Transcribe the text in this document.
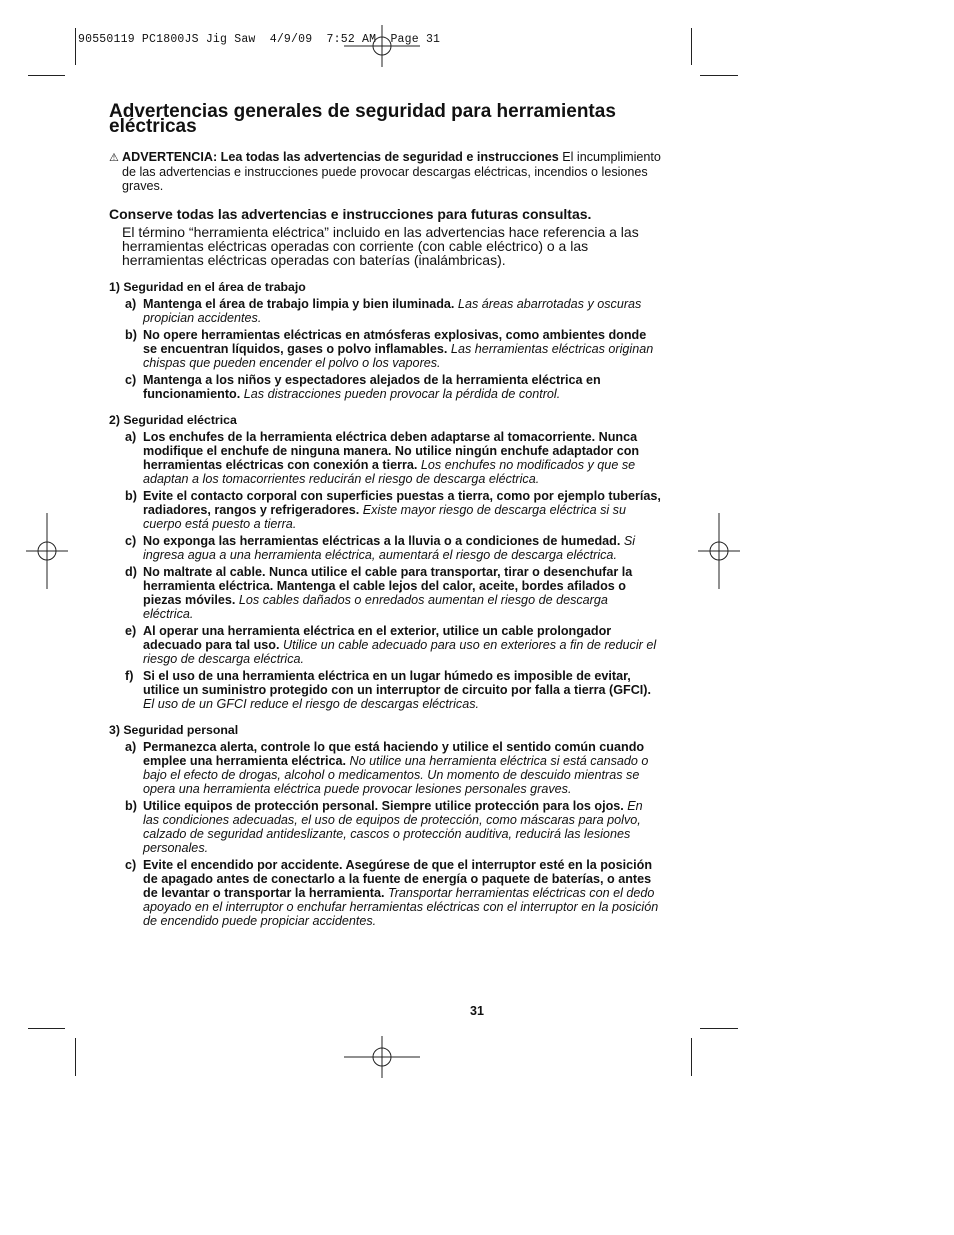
90550119 PC1800JS Jig Saw  4/9/09  7:52 AM  Page 31
Advertencias generales de seguridad para herramientas eléctricas
⚠ ADVERTENCIA: Lea todas las advertencias de seguridad e instrucciones El incumplimiento de las advertencias e instrucciones puede provocar descargas eléctricas, incendios o lesiones graves.
Conserve todas las advertencias e instrucciones para futuras consultas.
El término “herramienta eléctrica” incluido en las advertencias hace referencia a las herramientas eléctricas operadas con corriente (con cable eléctrico) o a las herramientas eléctricas operadas con baterías (inalámbricas).
1) Seguridad en el área de trabajo
a) Mantenga el área de trabajo limpia y bien iluminada. Las áreas abarrotadas y oscuras propician accidentes.
b) No opere herramientas eléctricas en atmósferas explosivas, como ambientes donde se encuentran líquidos, gases o polvo inflamables. Las herramientas eléctricas originan chispas que pueden encender el polvo o los vapores.
c) Mantenga a los niños y espectadores alejados de la herramienta eléctrica en funcionamiento. Las distracciones pueden provocar la pérdida de control.
2) Seguridad eléctrica
a) Los enchufes de la herramienta eléctrica deben adaptarse al tomacorriente. Nunca modifique el enchufe de ninguna manera. No utilice ningún enchufe adaptador con herramientas eléctricas con conexión a tierra. Los enchufes no modificados y que se adaptan a los tomacorrientes reducirán el riesgo de descarga eléctrica.
b) Evite el contacto corporal con superficies puestas a tierra, como por ejemplo tuberías, radiadores, rangos y refrigeradores. Existe mayor riesgo de descarga eléctrica si su cuerpo está puesto a tierra.
c) No exponga las herramientas eléctricas a la lluvia o a condiciones de humedad. Si ingresa agua a una herramienta eléctrica, aumentará el riesgo de descarga eléctrica.
d) No maltrate al cable. Nunca utilice el cable para transportar, tirar o desenchufar la herramienta eléctrica. Mantenga el cable lejos del calor, aceite, bordes afilados o piezas móviles. Los cables dañados o enredados aumentan el riesgo de descarga eléctrica.
e) Al operar una herramienta eléctrica en el exterior, utilice un cable prolongador adecuado para tal uso. Utilice un cable adecuado para uso en exteriores a fin de reducir el riesgo de descarga eléctrica.
f) Si el uso de una herramienta eléctrica en un lugar húmedo es imposible de evitar, utilice un suministro protegido con un interruptor de circuito por falla a tierra (GFCI). El uso de un GFCI reduce el riesgo de descargas eléctricas.
3) Seguridad personal
a) Permanezca alerta, controle lo que está haciendo y utilice el sentido común cuando emplee una herramienta eléctrica. No utilice una herramienta eléctrica si está cansado o bajo el efecto de drogas, alcohol o medicamentos. Un momento de descuido mientras se opera una herramienta eléctrica puede provocar lesiones personales graves.
b) Utilice equipos de protección personal. Siempre utilice protección para los ojos. En las condiciones adecuadas, el uso de equipos de protección, como máscaras para polvo, calzado de seguridad antideslizante, cascos o protección auditiva, reducirá las lesiones personales.
c) Evite el encendido por accidente. Asegúrese de que el interruptor esté en la posición de apagado antes de conectarlo a la fuente de energía o paquete de baterías, o antes de levantar o transportar la herramienta. Transportar herramientas eléctricas con el dedo apoyado en el interruptor o enchufar herramientas eléctricas con el interruptor en la posición de encendido puede propiciar accidentes.
31
